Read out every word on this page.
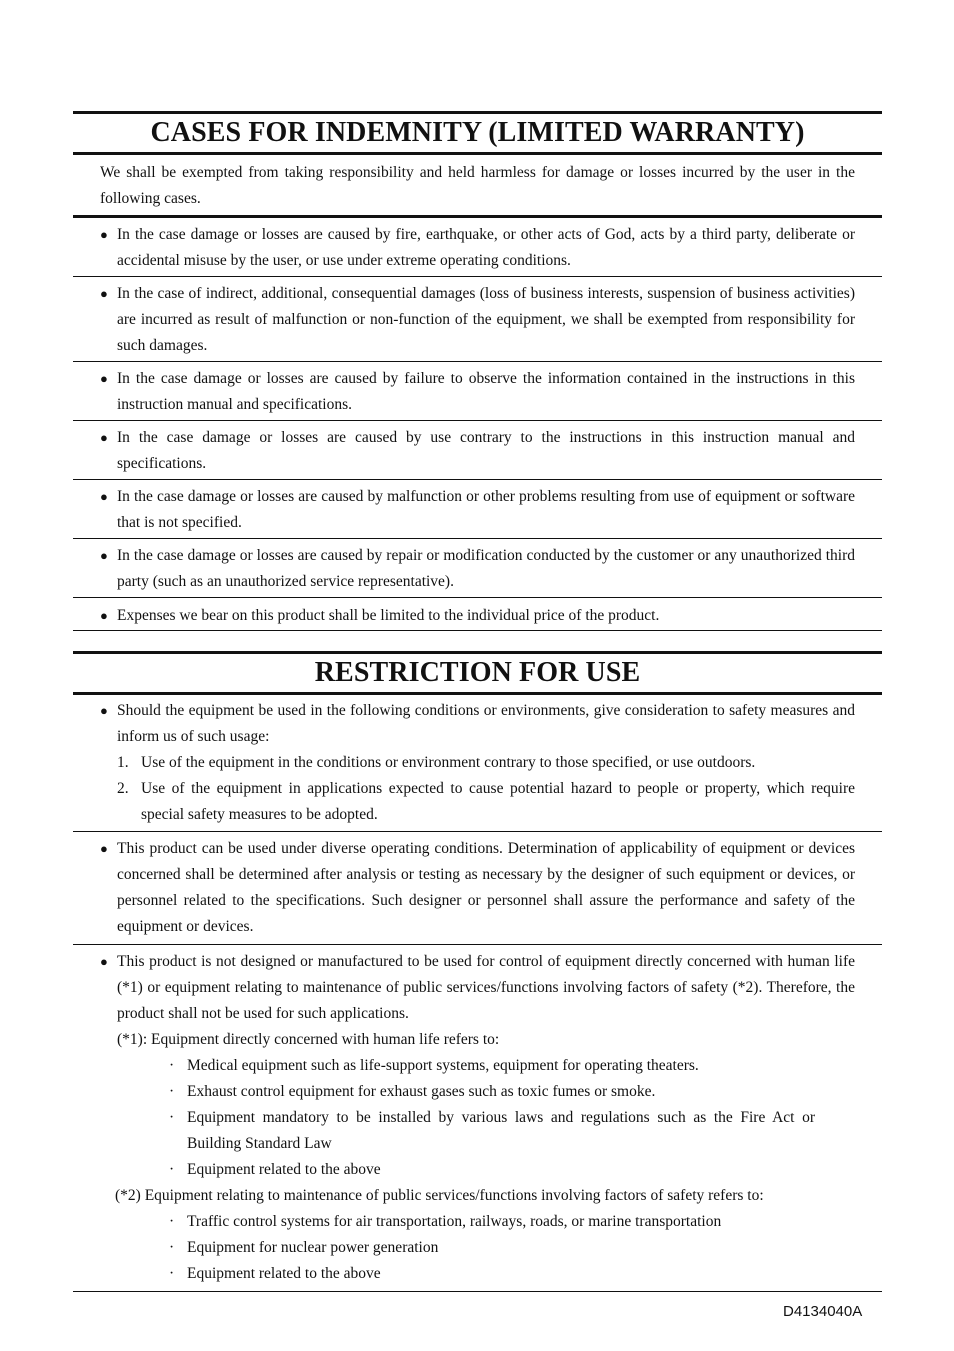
CASES FOR INDEMNITY (LIMITED WARRANTY)
We shall be exempted from taking responsibility and held harmless for damage or losses incurred by the user in the following cases.
● In the case damage or losses are caused by fire, earthquake, or other acts of God, acts by a third party, deliberate or accidental misuse by the user, or use under extreme operating conditions.
● In the case of indirect, additional, consequential damages (loss of business interests, suspension of business activities) are incurred as result of malfunction or non-function of the equipment, we shall be exempted from responsibility for such damages.
● In the case damage or losses are caused by failure to observe the information contained in the instructions in this instruction manual and specifications.
● In the case damage or losses are caused by use contrary to the instructions in this instruction manual and specifications.
● In the case damage or losses are caused by malfunction or other problems resulting from use of equipment or software that is not specified.
● In the case damage or losses are caused by repair or modification conducted by the customer or any unauthorized third party (such as an unauthorized service representative).
● Expenses we bear on this product shall be limited to the individual price of the product.
RESTRICTION FOR USE
● Should the equipment be used in the following conditions or environments, give consideration to safety measures and inform us of such usage:
1. Use of the equipment in the conditions or environment contrary to those specified, or use outdoors.
2. Use of the equipment in applications expected to cause potential hazard to people or property, which require special safety measures to be adopted.
● This product can be used under diverse operating conditions. Determination of applicability of equipment or devices concerned shall be determined after analysis or testing as necessary by the designer of such equipment or devices, or personnel related to the specifications. Such designer or personnel shall assure the performance and safety of the equipment or devices.
● This product is not designed or manufactured to be used for control of equipment directly concerned with human life (*1) or equipment relating to maintenance of public services/functions involving factors of safety (*2). Therefore, the product shall not be used for such applications.
(*1): Equipment directly concerned with human life refers to:
· Medical equipment such as life-support systems, equipment for operating theaters.
· Exhaust control equipment for exhaust gases such as toxic fumes or smoke.
· Equipment mandatory to be installed by various laws and regulations such as the Fire Act or Building Standard Law
· Equipment related to the above
(*2) Equipment relating to maintenance of public services/functions involving factors of safety refers to:
· Traffic control systems for air transportation, railways, roads, or marine transportation
· Equipment for nuclear power generation
· Equipment related to the above
D4134040A
